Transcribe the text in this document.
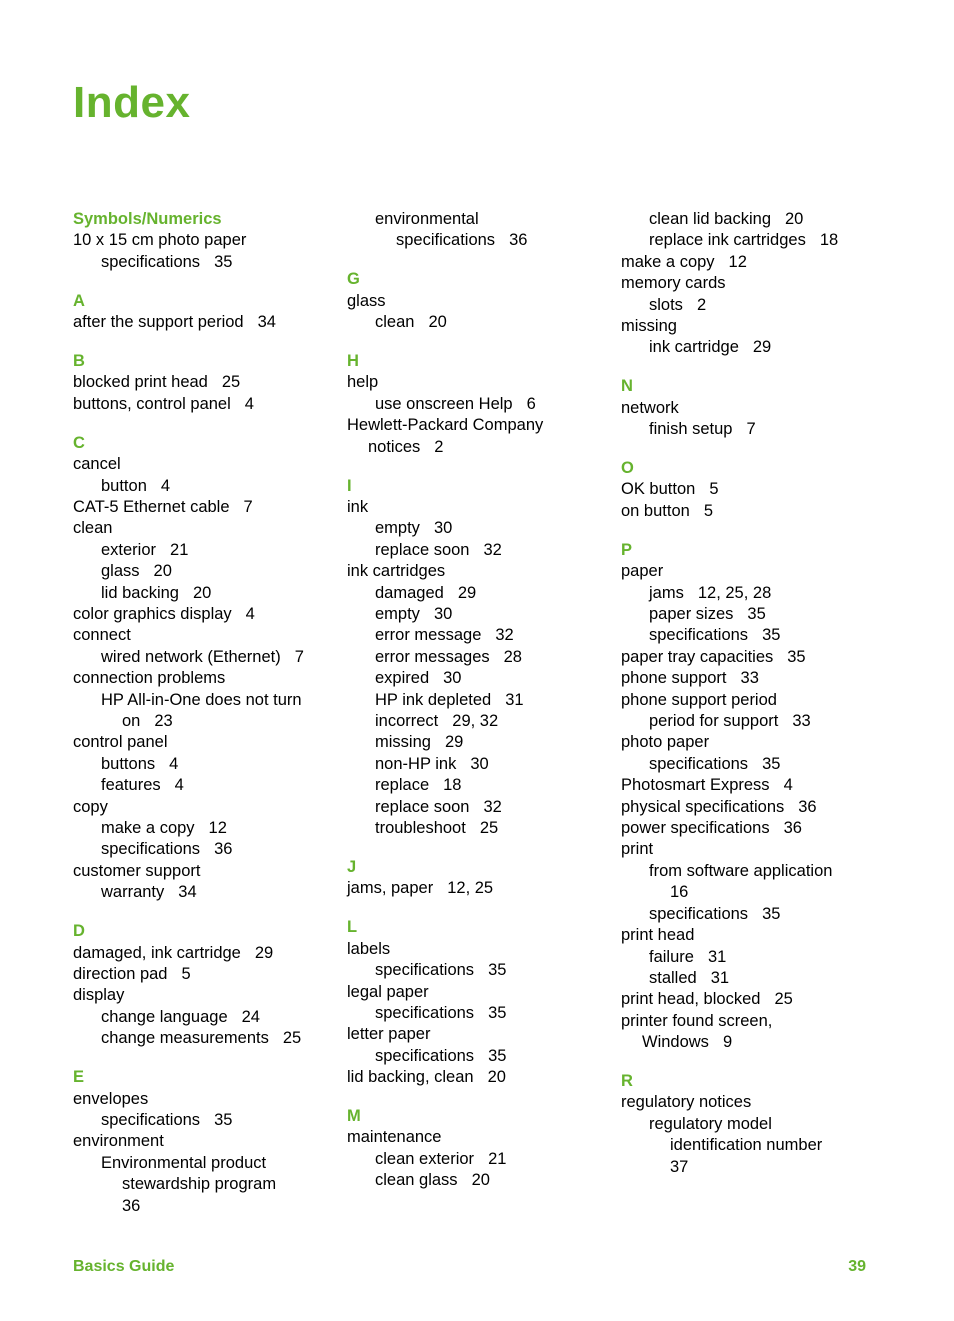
Index
Symbols/Numerics
10 x 15 cm photo paper
specifications 35
A
after the support period 34
B
blocked print head 25
buttons, control panel 4
C
cancel
button 4
CAT-5 Ethernet cable 7
clean
exterior 21
glass 20
lid backing 20
color graphics display 4
connect
wired network (Ethernet) 7
connection problems
HP All-in-One does not turn
on 23
control panel
buttons 4
features 4
copy
make a copy 12
specifications 36
customer support
warranty 34
D
damaged, ink cartridge 29
direction pad 5
display
change language 24
change measurements 25
E
envelopes
specifications 35
environment
Environmental product
stewardship program
36
environmental
specifications 36
G
glass
clean 20
H
help
use onscreen Help 6
Hewlett-Packard Company
notices 2
I
ink
empty 30
replace soon 32
ink cartridges
damaged 29
empty 30
error message 32
error messages 28
expired 30
HP ink depleted 31
incorrect 29, 32
missing 29
non-HP ink 30
replace 18
replace soon 32
troubleshoot 25
J
jams, paper 12, 25
L
labels
specifications 35
legal paper
specifications 35
letter paper
specifications 35
lid backing, clean 20
M
maintenance
clean exterior 21
clean glass 20
clean lid backing 20
replace ink cartridges 18
make a copy 12
memory cards
slots 2
missing
ink cartridge 29
N
network
finish setup 7
O
OK button 5
on button 5
P
paper
jams 12, 25, 28
paper sizes 35
specifications 35
paper tray capacities 35
phone support 33
phone support period
period for support 33
photo paper
specifications 35
Photosmart Express 4
physical specifications 36
power specifications 36
print
from software application
16
specifications 35
print head
failure 31
stalled 31
print head, blocked 25
printer found screen,
Windows 9
R
regulatory notices
regulatory model
identification number
37
Basics Guide	39
